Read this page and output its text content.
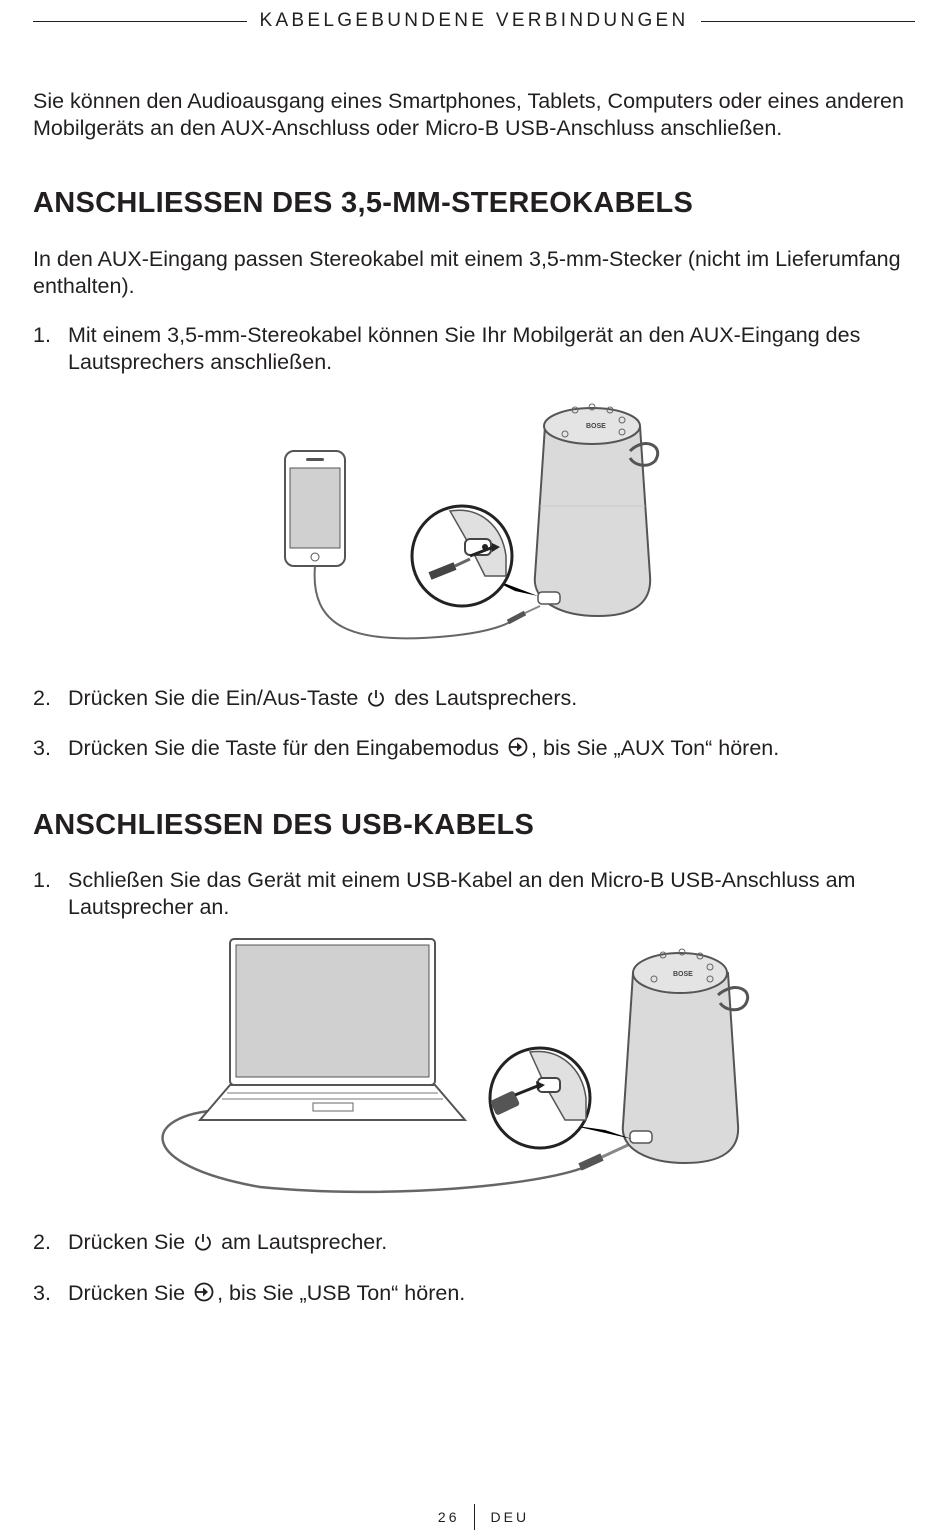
KABELGEBUNDENE VERBINDUNGEN

Sie können den Audioausgang eines Smartphones, Tablets, Computers oder eines anderen Mobilgeräts an den AUX-Anschluss oder Micro-B USB-Anschluss anschließen.

ANSCHLIESSEN DES 3,5-MM-STEREOKABELS

In den AUX-Eingang passen Stereokabel mit einem 3,5-mm-Stecker (nicht im Lieferumfang enthalten).

1. Mit einem 3,5-mm-Stereokabel können Sie Ihr Mobilgerät an den AUX-Eingang des Lautsprechers anschließen.
BOSE
2. Drücken Sie die Ein/Aus-Taste des Lautsprechers.
3. Drücken Sie die Taste für den Eingabemodus , bis Sie „AUX Ton“ hören.
ANSCHLIESSEN DES USB-KABELS
1. Schließen Sie das Gerät mit einem USB-Kabel an den Micro-B USB-Anschluss am Lautsprecher an.
BOSE
2. Drücken Sie am Lautsprecher.
3. Drücken Sie , bis Sie „USB Ton“ hören.
26	DEU
